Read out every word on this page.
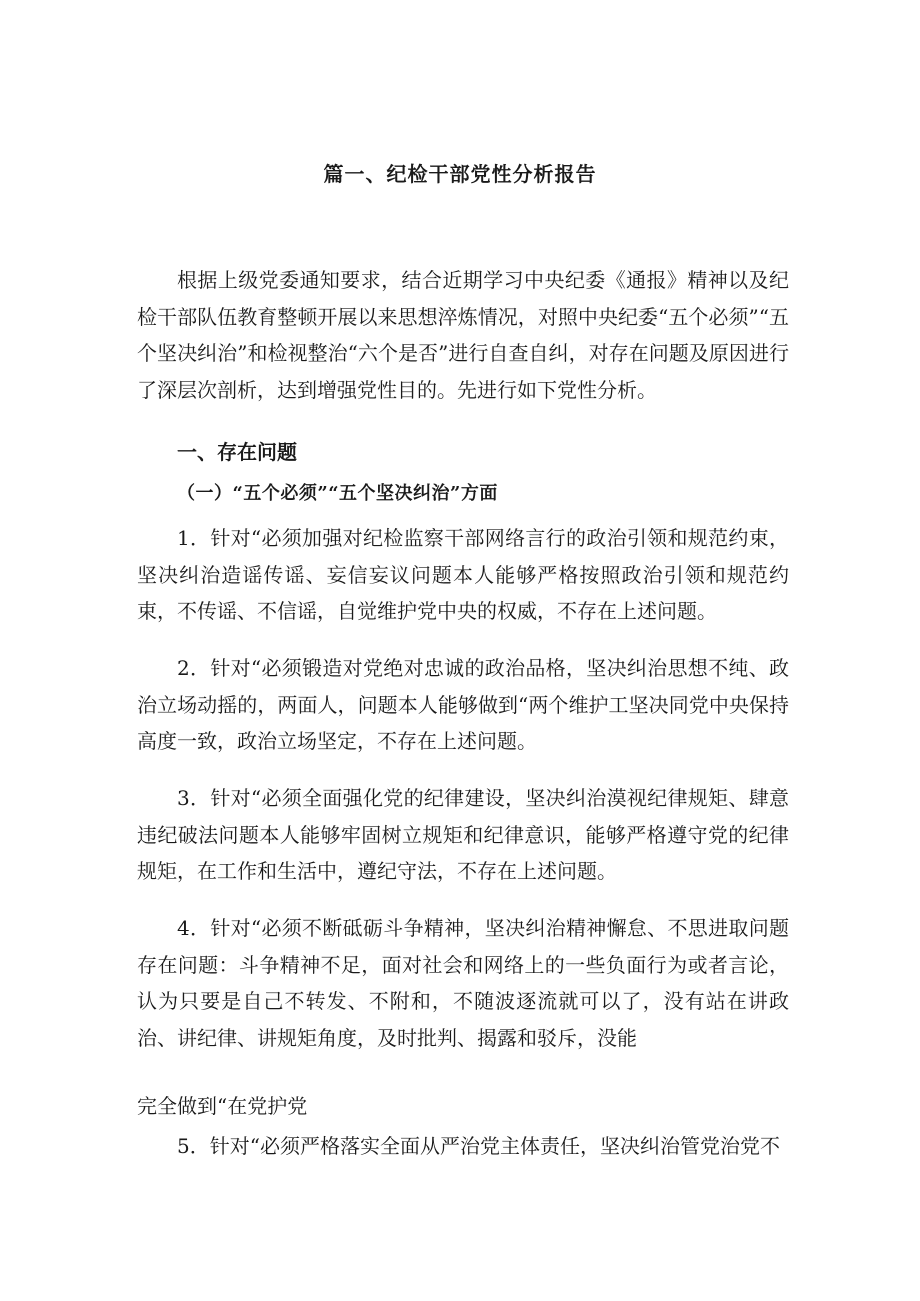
篇一、纪检干部党性分析报告

根据上级党委通知要求，结合近期学习中央纪委《通报》精神以及纪检干部队伍教育整顿开展以来思想淬炼情况，对照中央纪委“五个必须”“五个坚决纠治”和检视整治“六个是否”进行自查自纠，对存在问题及原因进行了深层次剖析，达到增强党性目的。先进行如下党性分析。

一、存在问题
（一）“五个必须”“五个坚决纠治”方面

1．针对“必须加强对纪检监察干部网络言行的政治引领和规范约束，坚决纠治造谣传谣、妄信妄议问题本人能够严格按照政治引领和规范约束，不传谣、不信谣，自觉维护党中央的权威，不存在上述问题。

2．针对“必须锻造对党绝对忠诚的政治品格，坚决纠治思想不纯、政治立场动摇的，两面人，问题本人能够做到“两个维护工坚决同党中央保持高度一致，政治立场坚定，不存在上述问题。

3．针对“必须全面强化党的纪律建设，坚决纠治漠视纪律规矩、肆意违纪破法问题本人能够牢固树立规矩和纪律意识，能够严格遵守党的纪律规矩，在工作和生活中，遵纪守法，不存在上述问题。

4．针对“必须不断砥砺斗争精神，坚决纠治精神懈怠、不思进取问题存在问题：斗争精神不足，面对社会和网络上的一些负面行为或者言论，认为只要是自己不转发、不附和，不随波逐流就可以了，没有站在讲政治、讲纪律、讲规矩角度，及时批判、揭露和驳斥，没能

完全做到“在党护党

5．针对“必须严格落实全面从严治党主体责任，坚决纠治管党治党不
